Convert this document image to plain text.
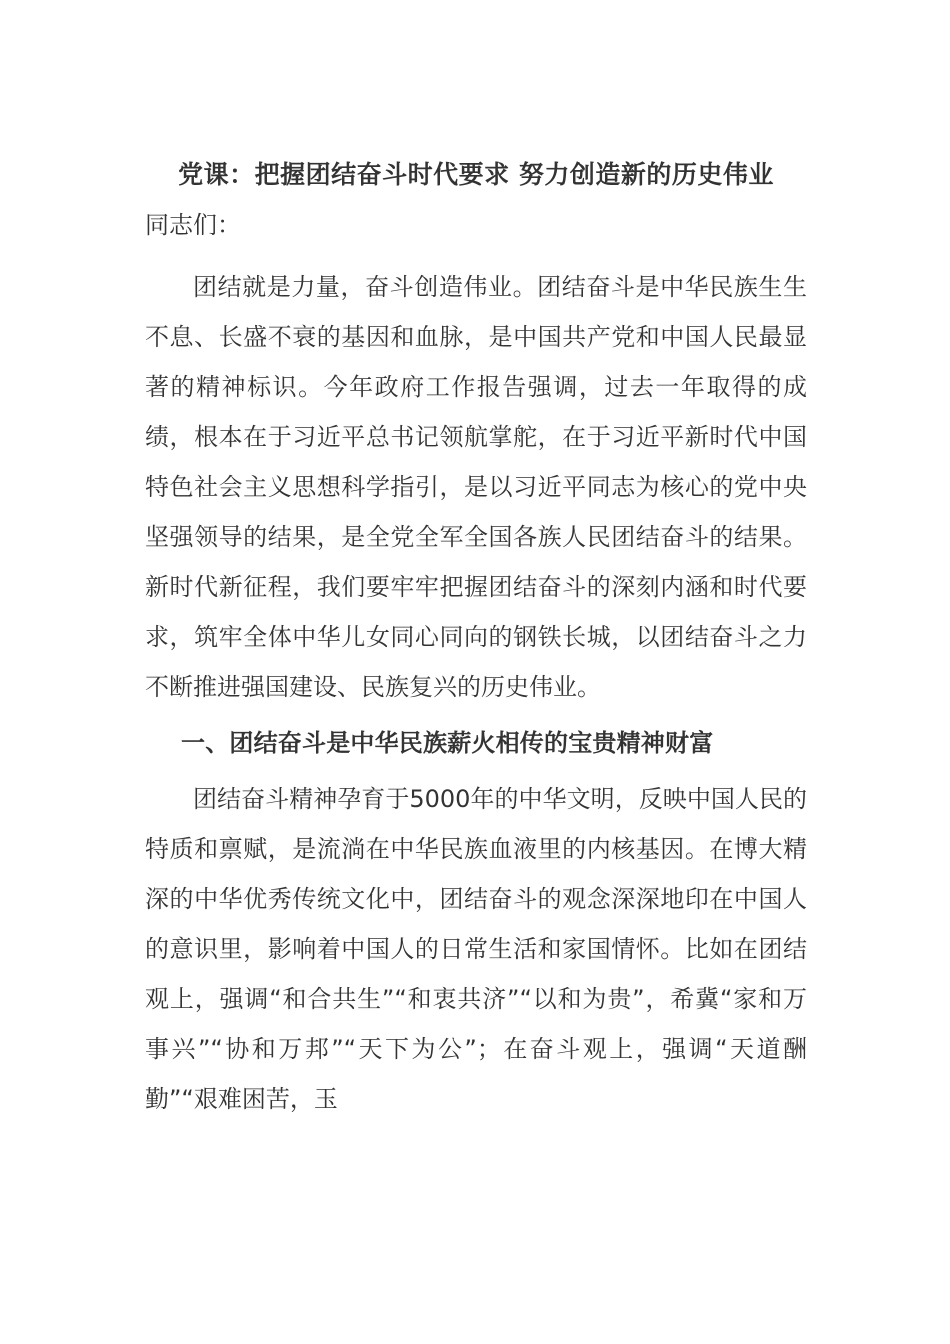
党课：把握团结奋斗时代要求 努力创造新的历史伟业

同志们：

团结就是力量，奋斗创造伟业。团结奋斗是中华民族生生不息、长盛不衰的基因和血脉，是中国共产党和中国人民最显著的精神标识。今年政府工作报告强调，过去一年取得的成绩，根本在于习近平总书记领航掌舵，在于习近平新时代中国特色社会主义思想科学指引，是以习近平同志为核心的党中央坚强领导的结果，是全党全军全国各族人民团结奋斗的结果。新时代新征程，我们要牢牢把握团结奋斗的深刻内涵和时代要求，筑牢全体中华儿女同心同向的钢铁长城，以团结奋斗之力不断推进强国建设、民族复兴的历史伟业。

一、团结奋斗是中华民族薪火相传的宝贵精神财富

团结奋斗精神孕育于5000年的中华文明，反映中国人民的特质和禀赋，是流淌在中华民族血液里的内核基因。在博大精深的中华优秀传统文化中，团结奋斗的观念深深地印在中国人的意识里，影响着中国人的日常生活和家国情怀。比如在团结观上，强调“和合共生”“和衷共济”“以和为贵”，希冀“家和万事兴”“协和万邦”“天下为公”；在奋斗观上，强调“天道酬勤”“艰难困苦，玉
